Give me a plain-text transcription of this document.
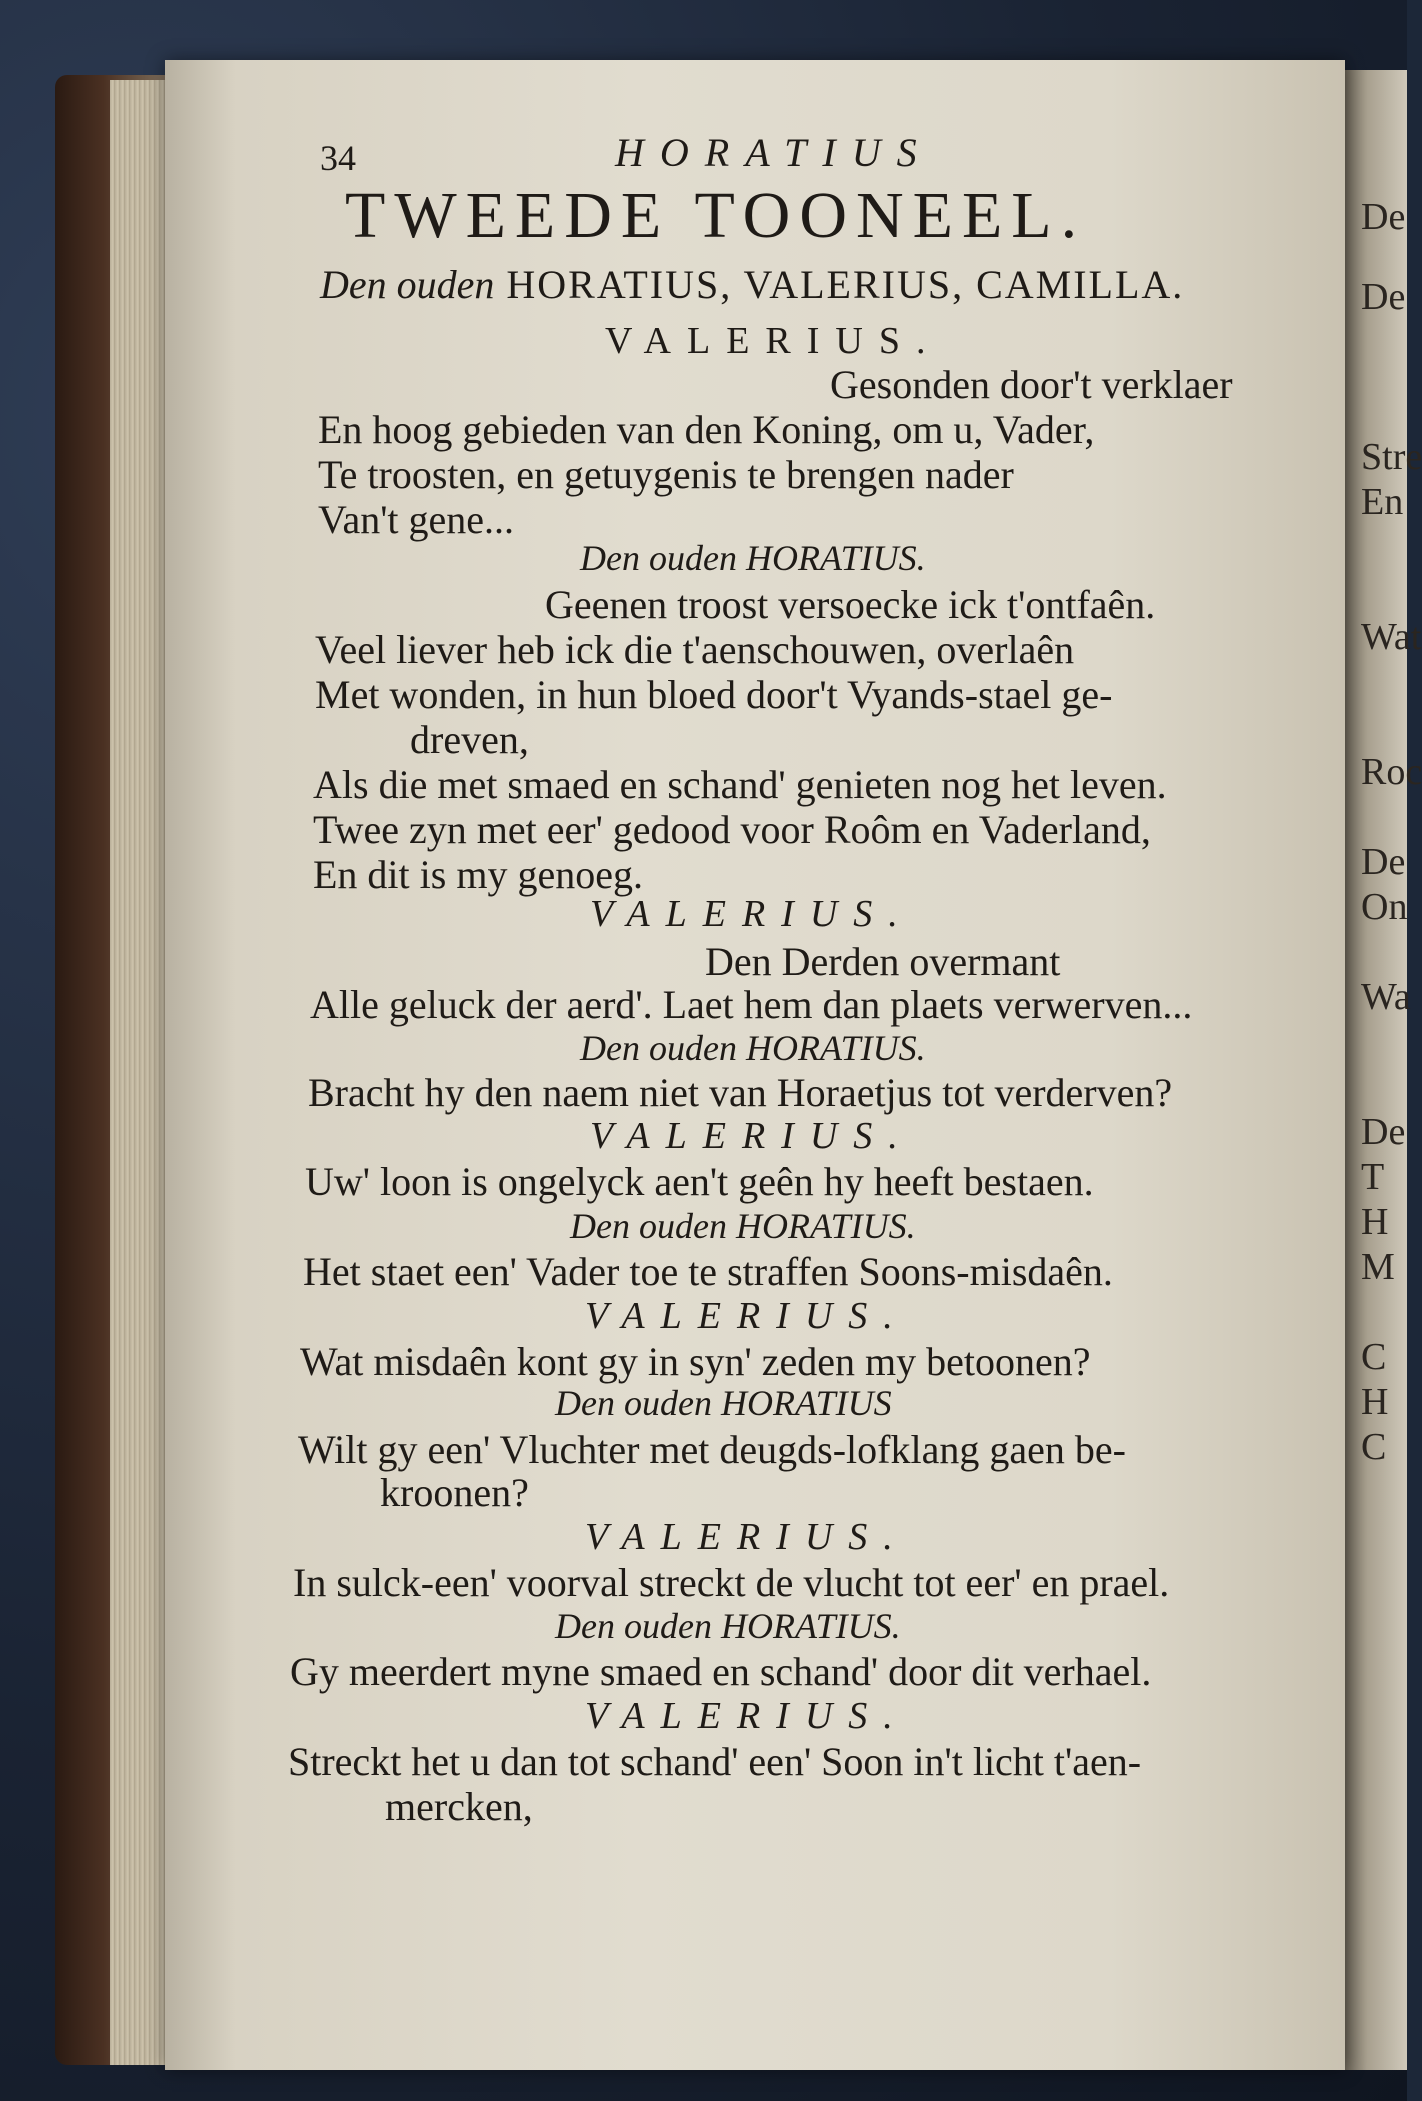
De
De
Stre
En
Wat
Roc
De
On
Wa
De
T
H
M
C
H
C
34	HORATIUS
TWEEDE TOONEEL.
Den ouden HORATIUS, VALERIUS, CAMILLA.
VALERIUS.
Gesonden door't verklaer
En hoog gebieden van den Koning, om u, Vader,
Te troosten, en getuygenis te brengen nader
Van't gene...
Den ouden HORATIUS.
Geenen troost versoecke ick t'ontfaên.
Veel liever heb ick die t'aenschouwen, overlaên
Met wonden, in hun bloed door't Vyands-stael ge-
dreven,
Als die met smaed en schand' genieten nog het leven.
Twee zyn met eer' gedood voor Roôm en Vaderland,
En dit is my genoeg.
VALERIUS.
Den Derden overmant
Alle geluck der aerd'. Laet hem dan plaets verwerven...
Den ouden HORATIUS.
Bracht hy den naem niet van Horaetjus tot verderven?
VALERIUS.
Uw' loon is ongelyck aen't geên hy heeft bestaen.
Den ouden HORATIUS.
Het staet een' Vader toe te straffen Soons-misdaên.
VALERIUS.
Wat misdaên kont gy in syn' zeden my betoonen?
Den ouden HORATIUS
Wilt gy een' Vluchter met deugds-lofklang gaen be-
kroonen?
VALERIUS.
In sulck-een' voorval streckt de vlucht tot eer' en prael.
Den ouden HORATIUS.
Gy meerdert myne smaed en schand' door dit verhael.
VALERIUS.
Streckt het u dan tot schand' een' Soon in't licht t'aen-
mercken,
